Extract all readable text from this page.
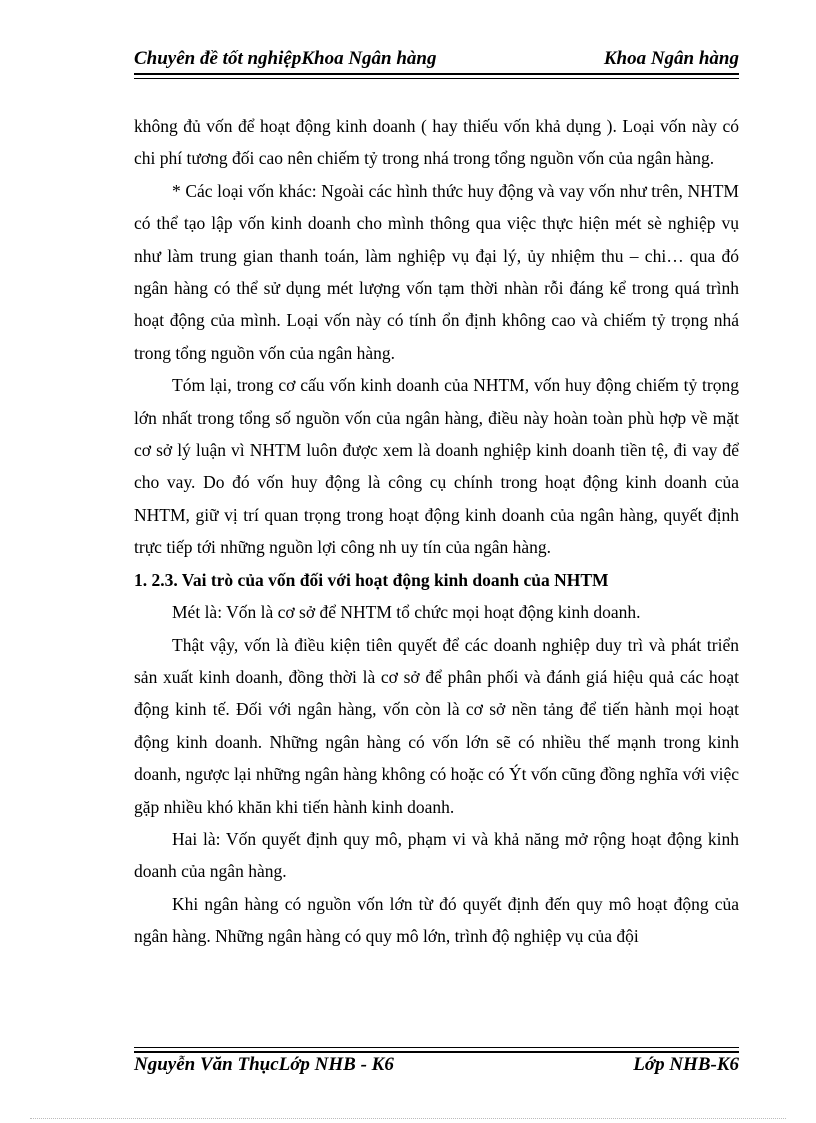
Chuyên đề tốt nghiệpKhoa Ngân hàng	Khoa Ngân hàng

không đủ vốn để hoạt động kinh doanh ( hay thiếu vốn khả dụng ). Loại vốn này có chi phí tương đối cao nên chiếm tỷ trong nhá trong tổng nguồn vốn của ngân hàng.

* Các loại vốn khác: Ngoài các hình thức huy động và vay vốn như trên, NHTM có thể tạo lập vốn kinh doanh cho mình thông qua việc thực hiện mét sè nghiệp vụ như làm trung gian thanh toán, làm nghiệp vụ đại lý, ủy nhiệm thu – chi… qua đó ngân hàng có thể sử dụng mét lượng vốn tạm thời nhàn rỗi đáng kể trong quá trình hoạt động của mình. Loại vốn này có tính ổn định không cao và chiếm tỷ trọng nhá trong tổng nguồn vốn của ngân hàng.

Tóm lại, trong cơ cấu vốn kinh doanh của NHTM, vốn huy động chiếm tỷ trọng lớn nhất trong tổng số nguồn vốn của ngân hàng, điều này hoàn toàn phù hợp về mặt cơ sở lý luận vì NHTM luôn được xem là doanh nghiệp kinh doanh tiền tệ, đi vay để cho vay. Do đó vốn huy động là công cụ chính trong hoạt động kinh doanh của NHTM, giữ vị trí quan trọng trong hoạt động kinh doanh của ngân hàng, quyết định trực tiếp tới những nguồn lợi công nh uy tín của ngân hàng.

1. 2.3. Vai trò của vốn đối với hoạt động kinh doanh của NHTM

Mét là: Vốn là cơ sở để NHTM tổ chức mọi hoạt động kinh doanh.

Thật vậy, vốn là điều kiện tiên quyết để các doanh nghiệp duy trì và phát triển sản xuất kinh doanh, đồng thời là cơ sở để phân phối và đánh giá hiệu quả các hoạt động kinh tế. Đối với ngân hàng, vốn còn là cơ sở nền tảng để tiến hành mọi hoạt động kinh doanh. Những ngân hàng có vốn lớn sẽ có nhiều thế mạnh trong kinh doanh, ngược lại những ngân hàng không có hoặc có Ýt vốn cũng đồng nghĩa với việc gặp nhiều khó khăn khi tiến hành kinh doanh.

Hai là: Vốn quyết định quy mô, phạm vi và khả năng mở rộng hoạt động kinh doanh của ngân hàng.

Khi ngân hàng có nguồn vốn lớn từ đó quyết định đến quy mô hoạt động của ngân hàng. Những ngân hàng có quy mô lớn, trình độ nghiệp vụ của đội

Nguyễn Văn ThụcLớp NHB - K6	Lớp NHB-K6
